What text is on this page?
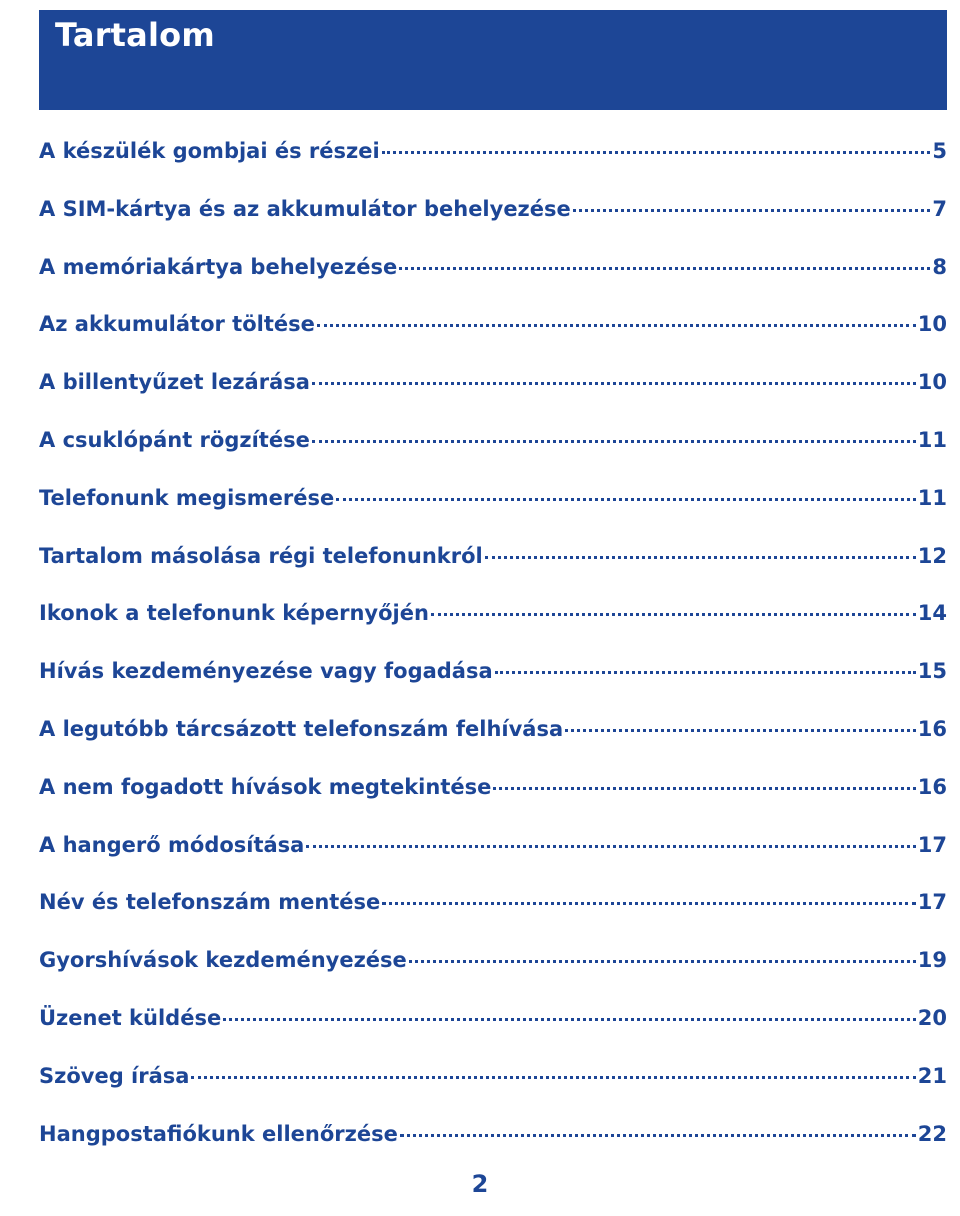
Tartalom
A készülék gombjai és részei	5
A SIM-kártya és az akkumulátor behelyezése	7
A memóriakártya behelyezése	8
Az akkumulátor töltése	10
A billentyűzet lezárása	10
A csuklópánt rögzítése	11
Telefonunk megismerése	11
Tartalom másolása régi telefonunkról	12
Ikonok a telefonunk képernyőjén	14
Hívás kezdeményezése vagy fogadása	15
A legutóbb tárcsázott telefonszám felhívása	16
A nem fogadott hívások megtekintése	16
A hangerő módosítása	17
Név és telefonszám mentése	17
Gyorshívások kezdeményezése	19
Üzenet küldése	20
Szöveg írása	21
Hangpostafiókunk ellenőrzése	22
2
